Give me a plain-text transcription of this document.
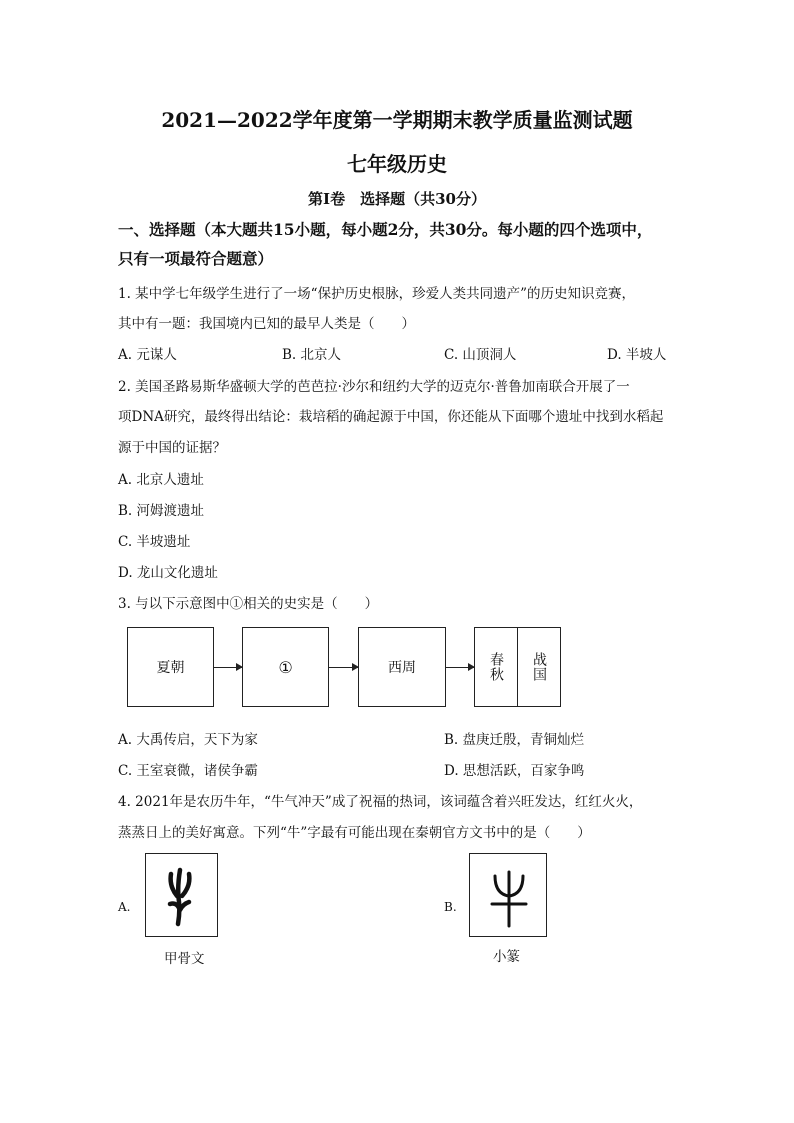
2021—2022学年度第一学期期末教学质量监测试题
七年级历史
第Ⅰ卷　选择题（共30分）
一、选择题（本大题共15小题，每小题2分，共30分。每小题的四个选项中，
只有一项最符合题意）
1. 某中学七年级学生进行了一场“保护历史根脉，珍爱人类共同遗产”的历史知识竞赛，
其中有一题：我国境内已知的最早人类是（　　）
A. 元谋人	B. 北京人	C. 山顶洞人	D. 半坡人
2. 美国圣路易斯华盛顿大学的芭芭拉·沙尔和纽约大学的迈克尔·普鲁加南联合开展了一
项DNA研究，最终得出结论：栽培稻的确起源于中国，你还能从下面哪个遗址中找到水稻起
源于中国的证据？
A. 北京人遗址
B. 河姆渡遗址
C. 半坡遗址
D. 龙山文化遗址
3. 与以下示意图中①相关的史实是（　　）
夏朝	①	西周	春秋 战国
A. 大禹传启，天下为家	B. 盘庚迁殷，青铜灿烂
C. 王室衰微，诸侯争霸	D. 思想活跃，百家争鸣
4. 2021年是农历牛年，“牛气冲天”成了祝福的热词，该词蕴含着兴旺发达，红红火火，
蒸蒸日上的美好寓意。下列“牛”字最有可能出现在秦朝官方文书中的是（　　）
A.
甲骨文
B.
小篆
